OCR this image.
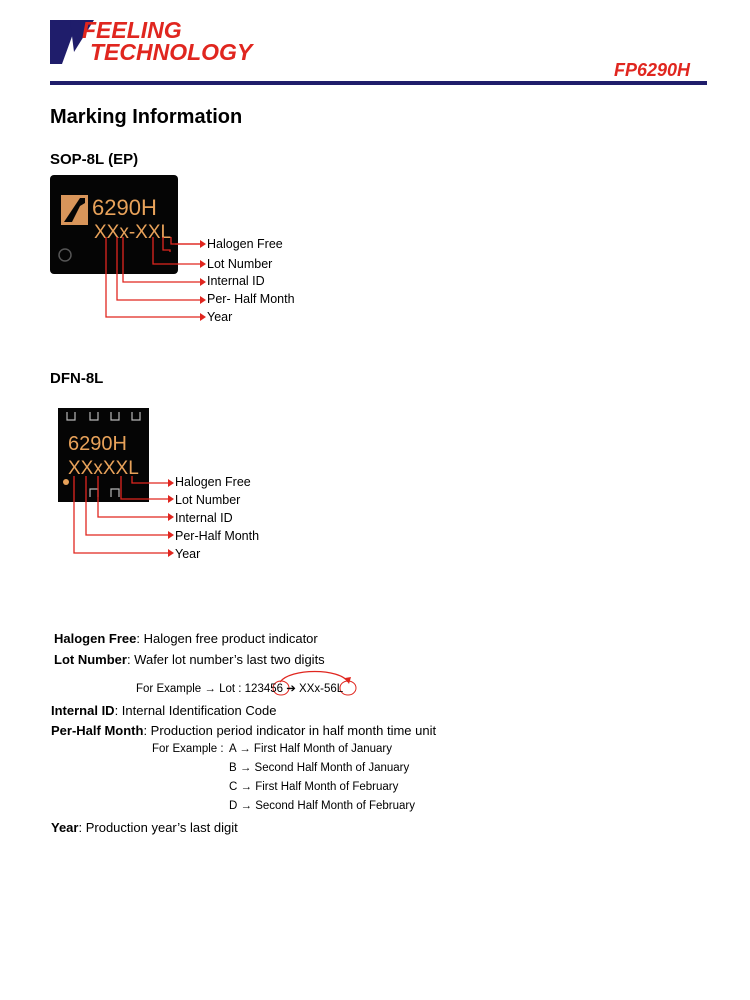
FEELING
TECHNOLOGY
FP6290H
Marking Information
SOP-8L (EP)
6290H
XXx-XXL
Halogen Free
Lot Number
Internal ID
Per- Half Month
Year
DFN-8L
6290H
XXxXXL
Halogen Free
Lot Number
Internal ID
Per-Half Month
Year
Halogen Free: Halogen free product indicator
Lot Number: Wafer lot number’s last two digits
For Example → Lot : 123456 ➔ XXx-56L
Internal ID: Internal Identification Code
Per-Half Month: Production period indicator in half month time unit
For Example : A → First Half Month of January
B → Second Half Month of January
C → First Half Month of February
D → Second Half Month of February
Year: Production year’s last digit
